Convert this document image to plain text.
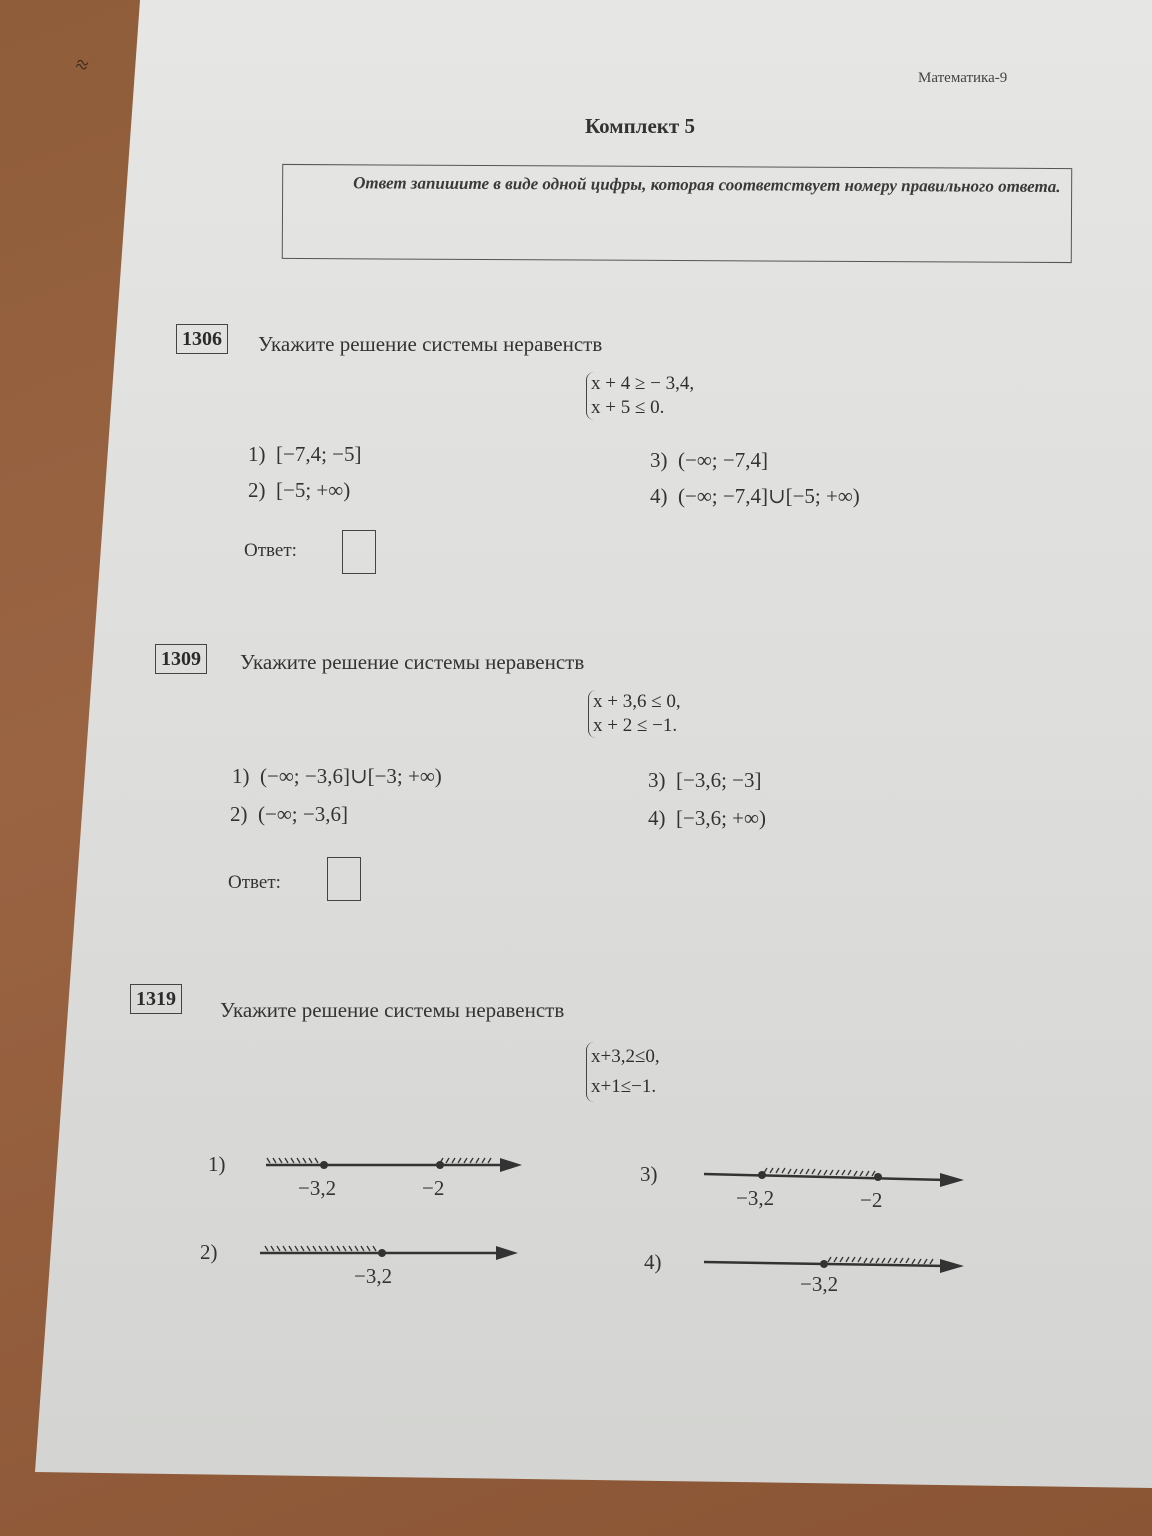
≈	Математика-9
Комплект 5
Ответ запишите в виде одной цифры, которая соответствует номеру правильного ответа.
1306 Укажите решение системы неравенств
x + 4 ≥ − 3,4,
x + 5 ≤ 0.
1) [−7,4; −5]
2) [−5; +∞)
3) (−∞; −7,4]
4) (−∞; −7,4]∪[−5; +∞)
Ответ:
1309 Укажите решение системы неравенств
x + 3,6 ≤ 0,
x + 2 ≤ −1.
1) (−∞; −3,6]∪[−3; +∞)
2) (−∞; −3,6]
3) [−3,6; −3]
4) [−3,6; +∞)
Ответ:
1319 Укажите решение системы неравенств
x+3,2≤0,
x+1≤−1.
1)
−3,2	−2
2)
−3,2
3)
−3,2	−2
4)
−3,2
